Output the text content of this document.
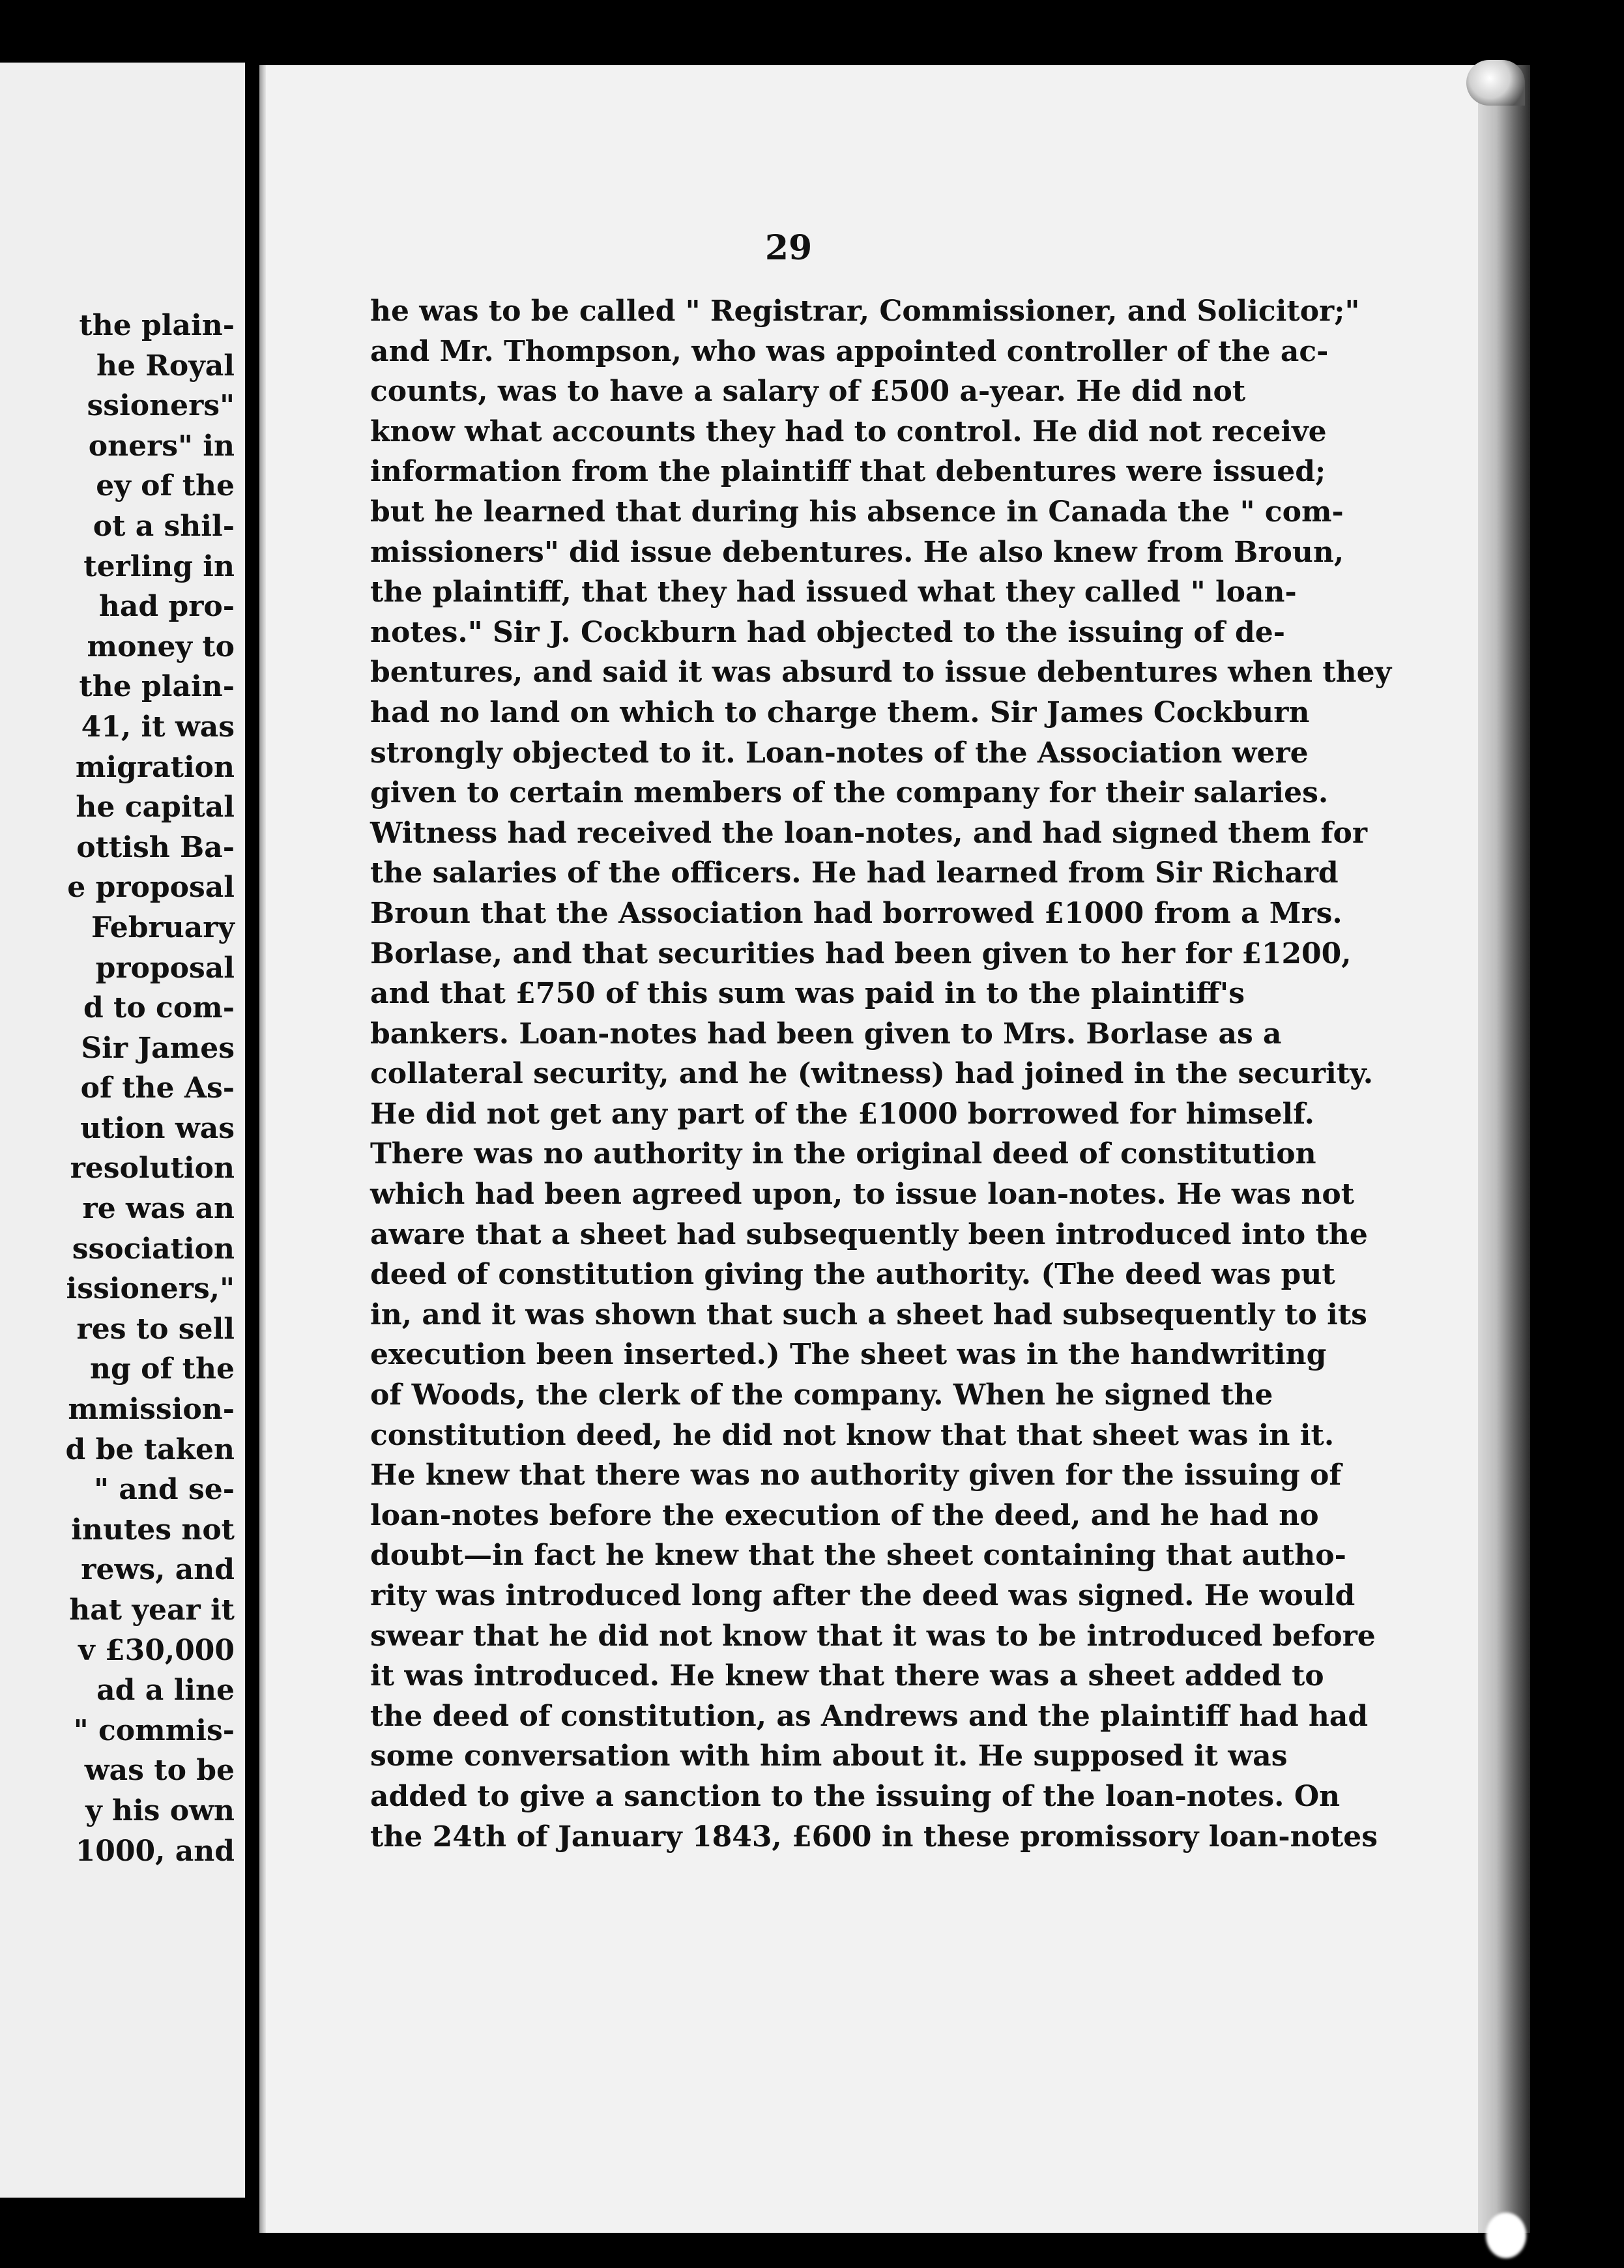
the plain-
he Royal
ssioners"
oners" in
ey of the
ot a shil-
terling in
had pro-
money to
the plain-
41, it was
migration
he capital
ottish Ba-
e proposal
February
proposal
d to com-
Sir James
of the As-
ution was
resolution
re was an
ssociation
issioners,"
res to sell
ng of the
mmission-
d be taken
" and se-
inutes not
rews, and
hat year it
v £30,000
ad a line
" commis-
was to be
y his own
1000, and
29
he was to be called " Registrar, Commissioner, and Solicitor;"
and Mr. Thompson, who was appointed controller of the ac-
counts, was to have a salary of £500 a-year. He did not
know what accounts they had to control. He did not receive
information from the plaintiff that debentures were issued;
but he learned that during his absence in Canada the " com-
missioners" did issue debentures. He also knew from Broun,
the plaintiff, that they had issued what they called " loan-
notes." Sir J. Cockburn had objected to the issuing of de-
bentures, and said it was absurd to issue debentures when they
had no land on which to charge them. Sir James Cockburn
strongly objected to it. Loan-notes of the Association were
given to certain members of the company for their salaries.
Witness had received the loan-notes, and had signed them for
the salaries of the officers. He had learned from Sir Richard
Broun that the Association had borrowed £1000 from a Mrs.
Borlase, and that securities had been given to her for £1200,
and that £750 of this sum was paid in to the plaintiff's
bankers. Loan-notes had been given to Mrs. Borlase as a
collateral security, and he (witness) had joined in the security.
He did not get any part of the £1000 borrowed for himself.
There was no authority in the original deed of constitution
which had been agreed upon, to issue loan-notes. He was not
aware that a sheet had subsequently been introduced into the
deed of constitution giving the authority. (The deed was put
in, and it was shown that such a sheet had subsequently to its
execution been inserted.) The sheet was in the handwriting
of Woods, the clerk of the company. When he signed the
constitution deed, he did not know that that sheet was in it.
He knew that there was no authority given for the issuing of
loan-notes before the execution of the deed, and he had no
doubt—in fact he knew that the sheet containing that autho-
rity was introduced long after the deed was signed. He would
swear that he did not know that it was to be introduced before
it was introduced. He knew that there was a sheet added to
the deed of constitution, as Andrews and the plaintiff had had
some conversation with him about it. He supposed it was
added to give a sanction to the issuing of the loan-notes. On
the 24th of January 1843, £600 in these promissory loan-notes
